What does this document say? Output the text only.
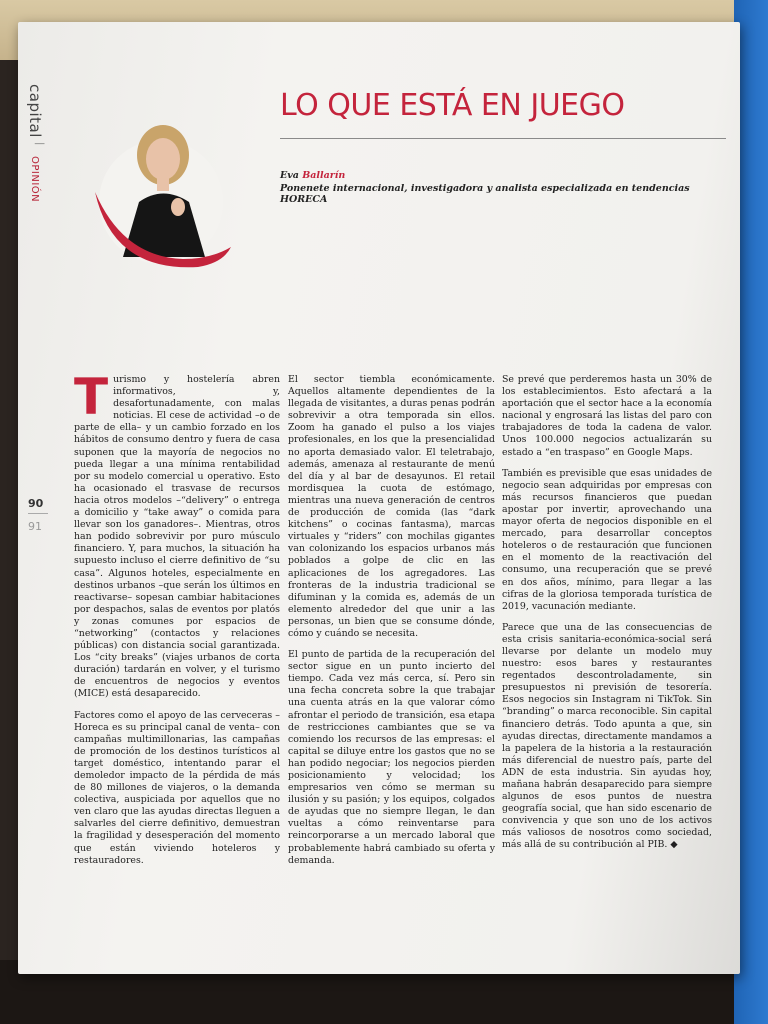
capital
|
OPINIÓN
90
91
LO QUE ESTÁ EN JUEGO
Eva Ballarín
Ponenete internacional, investigadora y analista especializada en tendencias HORECA

Turismo y hostelería abren informativos, y, desafortunadamente, con malas noticias. El cese de actividad –o de parte de ella– y un cambio forzado en los hábitos de consumo dentro y fuera de casa suponen que la mayoría de negocios no pueda llegar a una mínima rentabilidad por su modelo comercial u operativo. Esto ha ocasionado el trasvase de recursos hacia otros modelos –“delivery” o entrega a domicilio y “take away” o comida para llevar son los ganadores–. Mientras, otros han podido sobrevivir por puro músculo financiero. Y, para muchos, la situación ha supuesto incluso el cierre definitivo de “su casa”. Algunos hoteles, especialmente en destinos urbanos –que serán los últimos en reactivarse– sopesan cambiar habitaciones por despachos, salas de eventos por platós y zonas comunes por espacios de “networking” (contactos y relaciones públicas) con distancia social garantizada. Los “city breaks” (viajes urbanos de corta duración) tardarán en volver, y el turismo de encuentros de negocios y eventos (MICE) está desaparecido.

Factores como el apoyo de las cerveceras –Horeca es su principal canal de venta– con campañas multimillonarias, las campañas de promoción de los destinos turísticos al target doméstico, intentando parar el demoledor impacto de la pérdida de más de 80 millones de viajeros, o la demanda colectiva, auspiciada por aquellos que no ven claro que las ayudas directas lleguen a salvarles del cierre definitivo, demuestran la fragilidad y desesperación del momento que están viviendo hoteleros y restauradores.

El sector tiembla económicamente. Aquellos altamente dependientes de la llegada de visitantes, a duras penas podrán sobrevivir a otra temporada sin ellos. Zoom ha ganado el pulso a los viajes profesionales, en los que la presencialidad no aporta demasiado valor. El teletrabajo, además, amenaza al restaurante de menú del día y al bar de desayunos. El retail mordisquea la cuota de estómago, mientras una nueva generación de centros de producción de comida (las “dark kitchens” o cocinas fantasma), marcas virtuales y “riders” con mochilas gigantes van colonizando los espacios urbanos más poblados a golpe de clic en las aplicaciones de los agregadores. Las fronteras de la industria tradicional se difuminan y la comida es, además de un elemento alrededor del que unir a las personas, un bien que se consume dónde, cómo y cuándo se necesita.

El punto de partida de la recuperación del sector sigue en un punto incierto del tiempo. Cada vez más cerca, sí. Pero sin una fecha concreta sobre la que trabajar una cuenta atrás en la que valorar cómo afrontar el periodo de transición, esa etapa de restricciones cambiantes que se va comiendo los recursos de las empresas: el capital se diluye entre los gastos que no se han podido negociar; los negocios pierden posicionamiento y velocidad; los empresarios ven cómo se merman su ilusión y su pasión; y los equipos, colgados de ayudas que no siempre llegan, le dan vueltas a cómo reinventarse para reincorporarse a un mercado laboral que probablemente habrá cambiado su oferta y demanda.

Se prevé que perderemos hasta un 30% de los establecimientos. Esto afectará a la aportación que el sector hace a la economía nacional y engrosará las listas del paro con trabajadores de toda la cadena de valor. Unos 100.000 negocios actualizarán su estado a “en traspaso” en Google Maps.

También es previsible que esas unidades de negocio sean adquiridas por empresas con más recursos financieros que puedan apostar por invertir, aprovechando una mayor oferta de negocios disponible en el mercado, para desarrollar conceptos hoteleros o de restauración que funcionen en el momento de la reactivación del consumo, una recuperación que se prevé en dos años, mínimo, para llegar a las cifras de la gloriosa temporada turística de 2019, vacunación mediante.

Parece que una de las consecuencias de esta crisis sanitaria-económica-social será llevarse por delante un modelo muy nuestro: esos bares y restaurantes regentados descontroladamente, sin presupuestos ni previsión de tesorería. Esos negocios sin Instagram ni TikTok. Sin “branding” o marca reconocible. Sin capital financiero detrás. Todo apunta a que, sin ayudas directas, directamente mandamos a la papelera de la historia a la restauración más diferencial de nuestro país, parte del ADN de esta industria. Sin ayudas hoy, mañana habrán desaparecido para siempre algunos de esos puntos de nuestra geografía social, que han sido escenario de convivencia y que son uno de los activos más valiosos de nosotros como sociedad, más allá de su contribución al PIB. ◆
